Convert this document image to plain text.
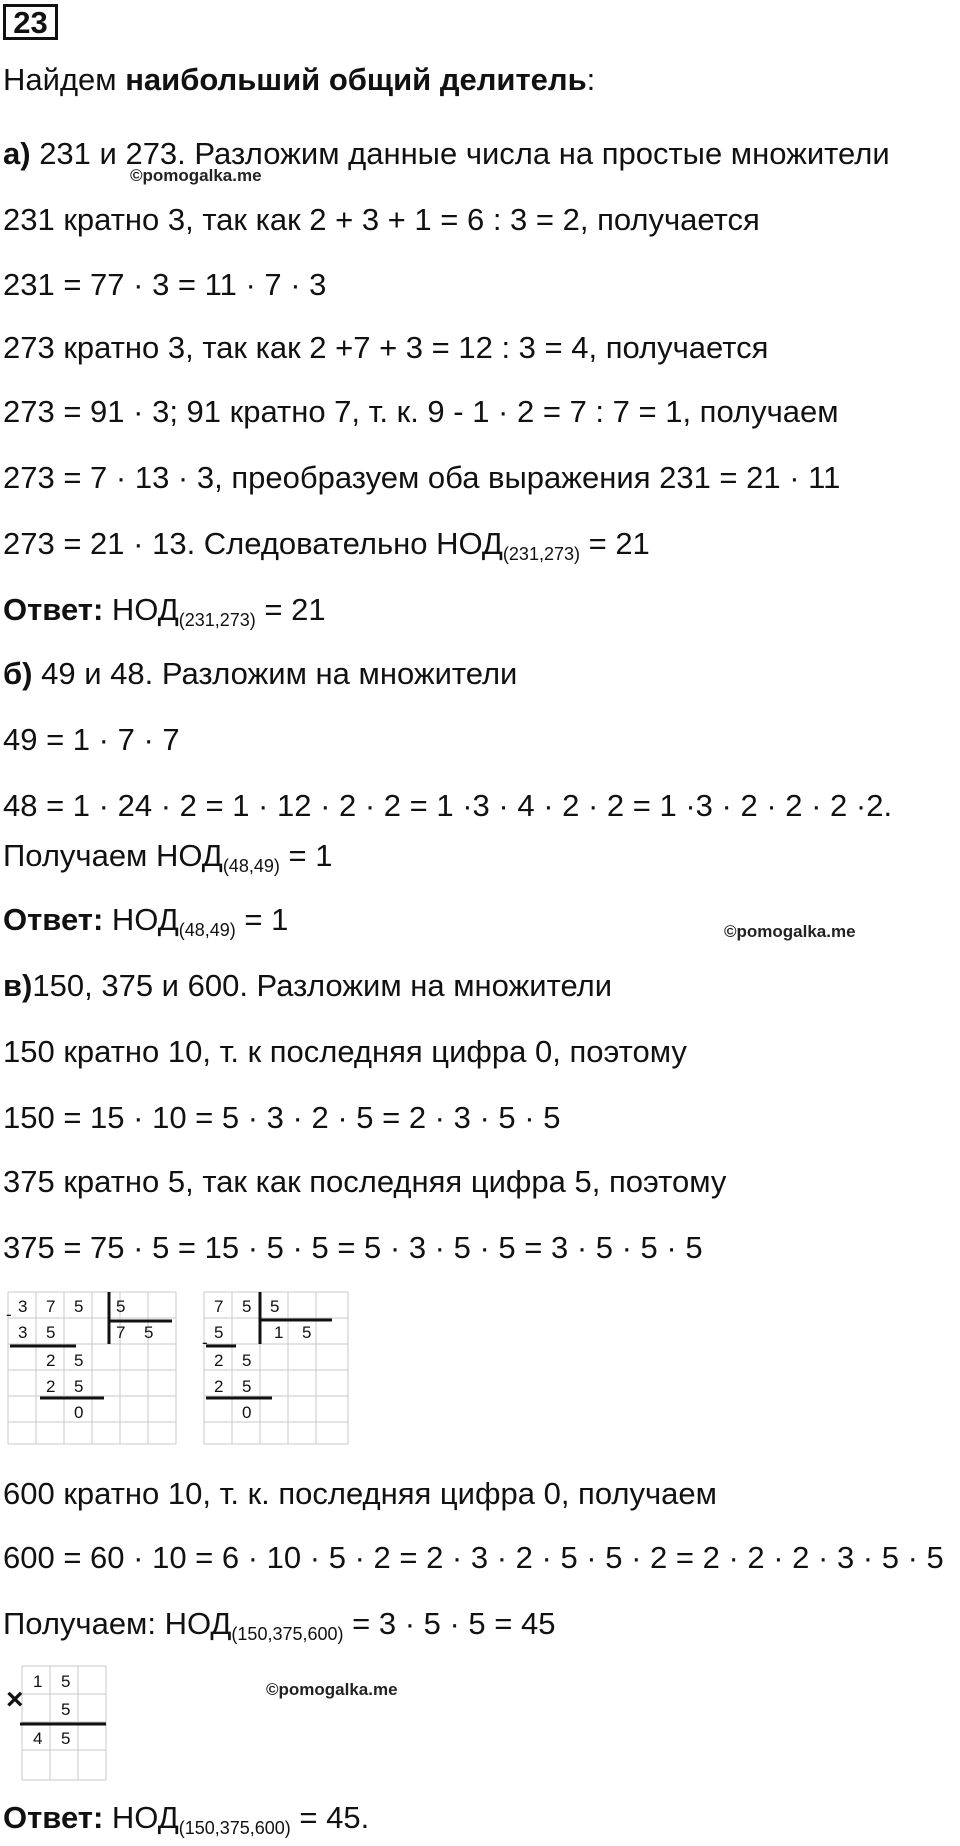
23
Найдем наибольший общий делитель:
а) 231 и 273. Разложим данные числа на простые множители
©pomogalka.me
231 кратно 3, так как 2 + 3 + 1 = 6 : 3 = 2, получается
231 = 77 · 3 = 11 · 7 · 3
273 кратно 3, так как 2 +7 + 3 = 12 : 3 = 4, получается
273 = 91 · 3; 91 кратно 7, т. к. 9 - 1 · 2 = 7 : 7 = 1, получаем
273 = 7 · 13 · 3, преобразуем оба выражения 231 = 21 · 11
273 = 21 · 13. Следовательно $НОД_{(231,273)} = 21$
Ответ: $НОД_{(231,273)} = 21$
б) 49 и 48. Разложим на множители
49 = 1 · 7 · 7
48 = 1 · 24 · 2 = 1 · 12 · 2 · 2 = 1 ·3 · 4 · 2 · 2 = 1 ·3 · 2 · 2 · 2 ·2.
Получаем $НОД_{(48,49)} = 1$
Ответ: $НОД_{(48,49)} = 1$	©pomogalka.me
в)150, 375 и 600. Разложим на множители
150 кратно 10, т. к последняя цифра 0, поэтому
150 = 15 · 10 = 5 · 3 · 2 · 5 = 2 · 3 · 5 · 5
375 кратно 5, так как последняя цифра 5, поэтому
375 = 75 · 5 = 15 · 5 · 5 = 5 · 3 · 5 · 5 = 3 · 5 · 5 · 5
- 3 7 5 5
7 5
3 5
2 5
2 5
0
-
7 5 5
1 5
5
2 5
2 5
0
600 кратно 10, т. к. последняя цифра 0, получаем
600 = 60 · 10 = 6 · 10 · 5 · 2 = 2 · 3 · 2 · 5 · 5 · 2 = 2 · 2 · 2 · 3 · 5 · 5
Получаем: $НОД_{(150,375,600)} = 3 \cdot 5 \cdot 5 = 45$
×
1 5
5
4 5
©pomogalka.me
Ответ: $НОД_{(150,375,600)} = 45$.
